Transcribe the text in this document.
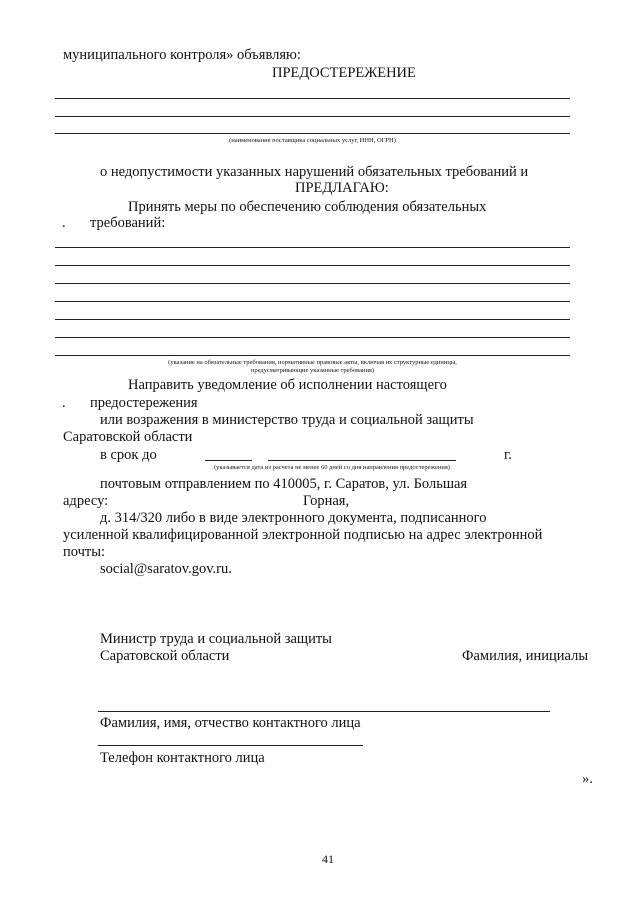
муниципального контроля» объявляю:
ПРЕДОСТЕРЕЖЕНИЕ
(наименование поставщика социальных услуг, ИНН, ОГРН)
о недопустимости указанных нарушений обязательных требований и
ПРЕДЛАГАЮ:
Принять меры по обеспечению соблюдения обязательных
. требований:
(указание на обязательные требования, нормативные правовые акты, включая их структурные единицы,
предусматривающие указанные требования)
Направить уведомление об исполнении настоящего
. предостережения
или возражения в министерство труда и социальной защиты
Саратовской области
в срок до	г.
(указывается дата из расчета не менее 60 дней со дня направления предостережения)
почтовым отправлением по 410005, г. Саратов, ул. Большая
адресу:	Горная,
д. 314/320 либо в виде электронного документа, подписанного
усиленной квалифицированной электронной подписью на адрес электронной
почты:
social@saratov.gov.ru.
Министр труда и социальной защиты
Саратовской области	Фамилия, инициалы
Фамилия, имя, отчество контактного лица
Телефон контактного лица
».
41
